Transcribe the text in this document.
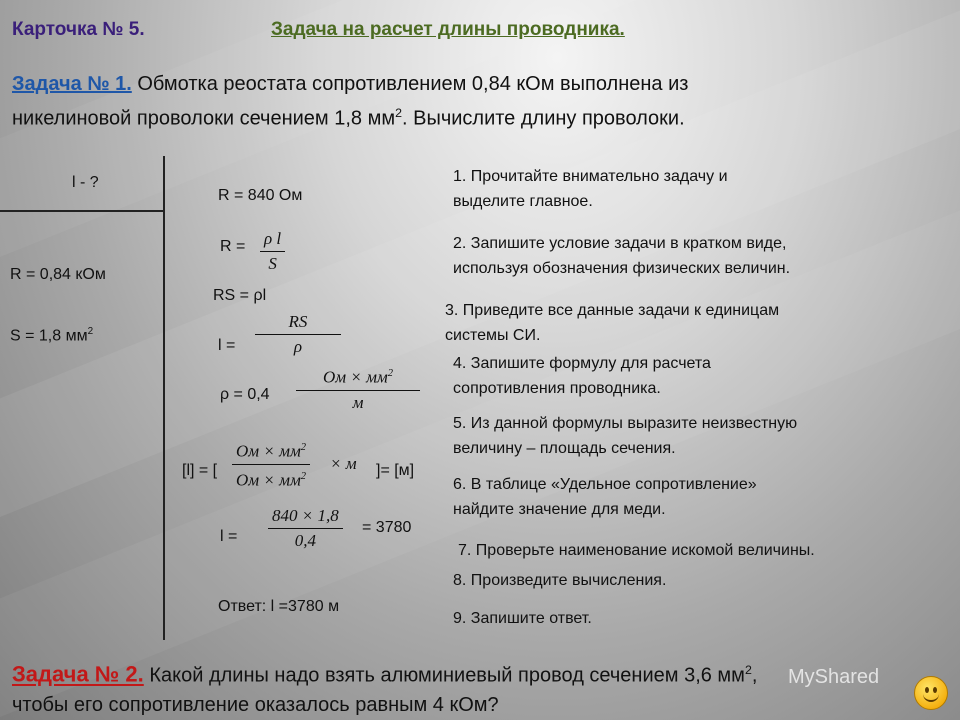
Карточка № 5.	Задача на расчет длины проводника.
Задача № 1. Обмотка реостата сопротивлением 0,84 кОм выполнена из
никелиновой проволоки сечением 1,8 $мм^2$. Вычислите длину проволоки.
l - ?
R = 0,84 кОм
S = 1,8 $мм^2$
R = 840 Ом
R = ρ l
S
RS = ρl
l =
RS
ρ
ρ = 0,4
Ом × $мм^2$
м
[l] = [
Ом × $мм^2$
Ом × $мм^2$
× м ]= [м]
l =
840 × 1,8
0,4
= 3780
Ответ: l =3780 м
1. Прочитайте внимательно задачу и
выделите главное.
2. Запишите условие задачи в кратком виде,
используя обозначения физических величин.
3. Приведите все данные задачи к единицам
системы СИ.
4. Запишите формулу для расчета
сопротивления проводника.
5. Из данной формулы выразите неизвестную
величину – площадь сечения.
6. В таблице «Удельное сопротивление»
найдите значение для меди.
7. Проверьте наименование искомой величины.
8. Произведите вычисления.
9. Запишите ответ.
Задача № 2. Какой длины надо взять алюминиевый провод сечением 3,6 $мм^2$,
чтобы его сопротивление оказалось равным 4 кОм?
MyShared
